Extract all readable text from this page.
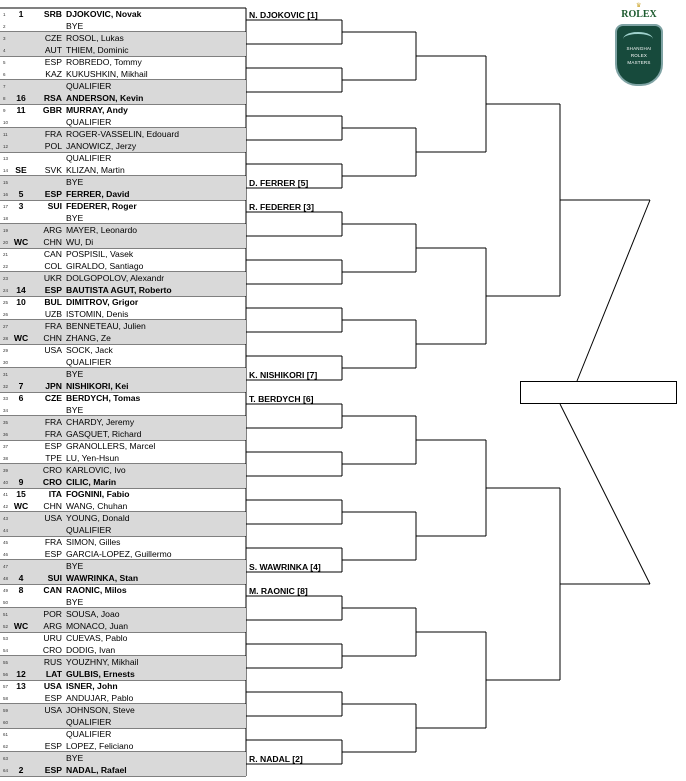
1	1	SRB DJOKOVIC, Novak
2	BYE
3	CZE ROSOL, Lukas
4	AUT THIEM, Dominic
5	ESP ROBREDO, Tommy
6	KAZ KUKUSHKIN, Mikhail
7	QUALIFIER
8	16	RSA ANDERSON, Kevin
9	11	GBR MURRAY, Andy
10	QUALIFIER
11	FRA ROGER-VASSELIN, Edouard
12	POL JANOWICZ, Jerzy
13	QUALIFIER
14 SE	SVK KLIZAN, Martin
15	BYE
16	5	ESP FERRER, David
17	3	SUI FEDERER, Roger
18	BYE
19	ARG MAYER, Leonardo
20 WC	CHN WU, Di
21	CAN POSPISIL, Vasek
22	COL GIRALDO, Santiago
23	UKR DOLGOPOLOV, Alexandr
24 14	ESP BAUTISTA AGUT, Roberto
25 10	BUL DIMITROV, Grigor
26	UZB ISTOMIN, Denis
27	FRA BENNETEAU, Julien
28 WC	CHN ZHANG, Ze
29	USA SOCK, Jack
30	QUALIFIER
31	BYE
32	7	JPN NISHIKORI, Kei
33	6	CZE BERDYCH, Tomas
34	BYE
35	FRA CHARDY, Jeremy
36	FRA GASQUET, Richard
37	ESP GRANOLLERS, Marcel
38	TPE LU, Yen-Hsun
39	CRO KARLOVIC, Ivo
40	9	CRO CILIC, Marin
41 15	ITA FOGNINI, Fabio
42 WC	CHN WANG, Chuhan
43	USA YOUNG, Donald
44	QUALIFIER
45	FRA SIMON, Gilles
46	ESP GARCIA-LOPEZ, Guillermo
47	BYE
48	4	SUI WAWRINKA, Stan
49	8	CAN RAONIC, Milos
50	BYE
51	POR SOUSA, Joao
52 WC	ARG MONACO, Juan
53	URU CUEVAS, Pablo
54	CRO DODIG, Ivan
55	RUS YOUZHNY, Mikhail
56 12	LAT GULBIS, Ernests
57 13	USA ISNER, John
58	ESP ANDUJAR, Pablo
59	USA JOHNSON, Steve
60	QUALIFIER
61	QUALIFIER
62	ESP LOPEZ, Feliciano
63	BYE
64	2	ESP NADAL, Rafael
N. DJOKOVIC [1]
D. FERRER [5]
R. FEDERER [3]
K. NISHIKORI [7]
T. BERDYCH [6]
S. WAWRINKA [4]
M. RAONIC [8]
R. NADAL [2]
♛
ROLEX
SHANGHAI
ROLEX
MASTERS
